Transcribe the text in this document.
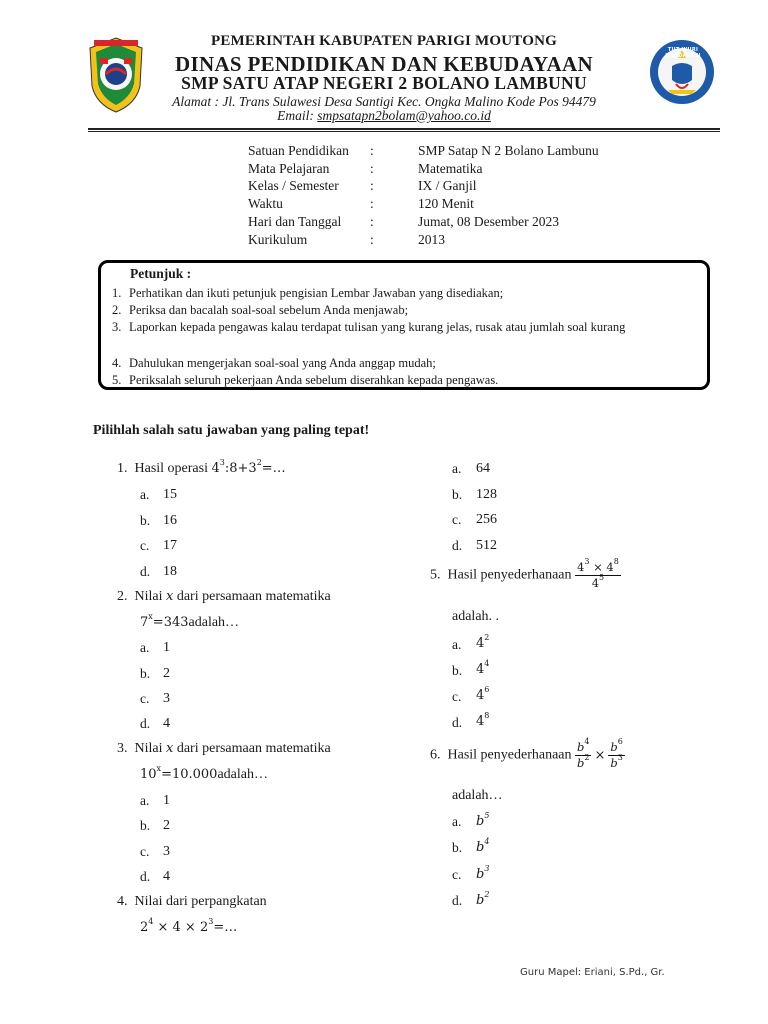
TUT WURI HANDAYANI
PEMERINTAH KABUPATEN PARIGI MOUTONG
DINAS PENDIDIKAN DAN KEBUDAYAAN
SMP SATU ATAP NEGERI 2 BOLANO LAMBUNU
Alamat : Jl. Trans Sulawesi Desa Santigi Kec. Ongka Malino Kode Pos 94479
Email: smpsatapn2bolam@yahoo.co.id
Satuan Pendidikan :	SMP Satap N 2 Bolano Lambunu
Mata Pelajaran	:	Matematika
Kelas / Semester :	IX / Ganjil
Waktu	:	120 Menit
Hari dan Tanggal :	Jumat, 08 Desember 2023
Kurikulum	:	2013
Petunjuk :
1. Perhatikan dan ikuti petunjuk pengisian Lembar Jawaban yang disediakan;
2. Periksa dan bacalah soal-soal sebelum Anda menjawab;
3. Laporkan kepada pengawas kalau terdapat tulisan yang kurang jelas, rusak atau jumlah soal kurang
4. Dahulukan mengerjakan soal-soal yang Anda anggap mudah;
5. Periksalah seluruh pekerjaan Anda sebelum diserahkan kepada pengawas.
Pilihlah salah satu jawaban yang paling tepat!
1. Hasil operasi $4^3:8+3^2=\dots$
a. 15
b. 16
c. 17
d. 18
2. Nilai x dari persamaan matematika
$7^x=343adalah\dots$
a. 1
b. 2
c. 3
d. 4
3. Nilai x dari persamaan matematika
$10^x=10.000adalah\dots$
a. 1
b. 2
c. 3
d. 4
4. Nilai dari perpangkatan
$2^4 \times 4$ × $2^3=\dots$
a. 64
b. 128
c. 256
d. 512
5. Hasil penyederhanaan $\frac{4^3 \times 4^8}{4^5}$
adalah. .
a. $4^2$
b. $4^4$
c. $4^6$
d. $4^8$
6. Hasil penyederhanaan $\frac{b^4}{b^2} \times \frac{b^6}{b^3}$
adalah…
a. $b^5$
b. $b^4$
c. $b^3$
d. $b^2$
Guru Mapel: Eriani, S.Pd., Gr.
